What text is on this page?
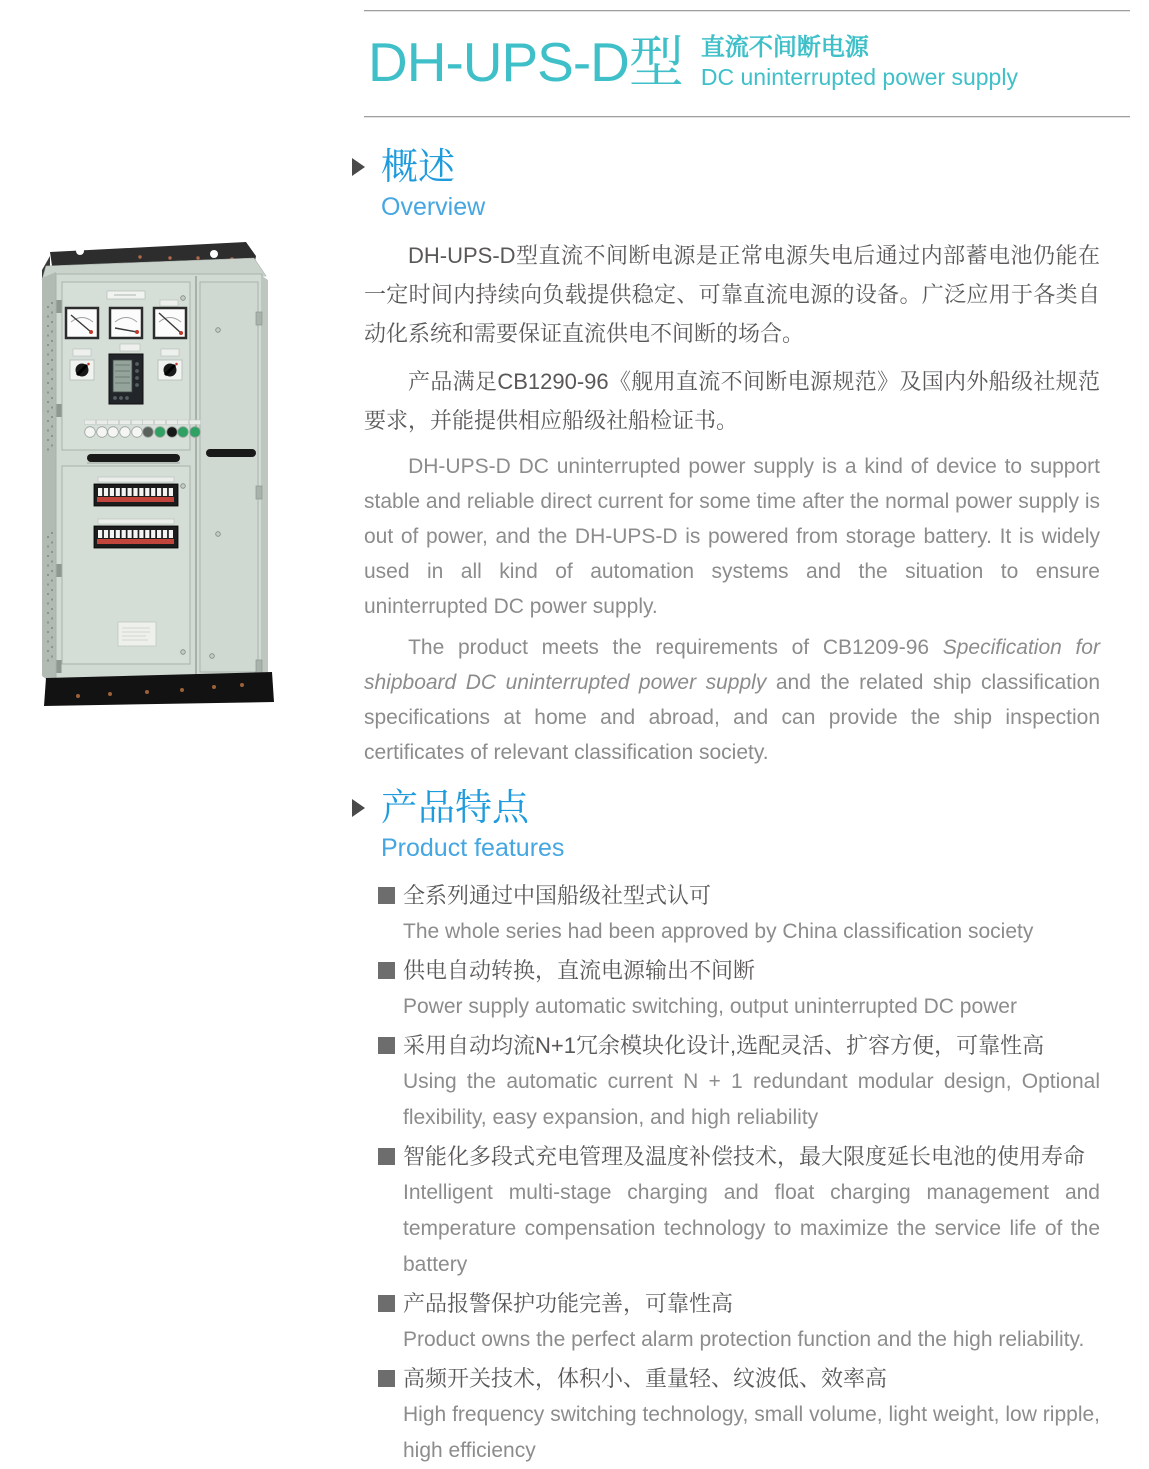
DH-UPS-D型 直流不间断电源
DC uninterrupted power supply
概述
Overview

DH-UPS-D型直流不间断电源是正常电源失电后通过内部蓄电池仍能在一定时间内持续向负载提供稳定、可靠直流电源的设备。广泛应用于各类自动化系统和需要保证直流供电不间断的场合。

产品满足CB1290-96《舰用直流不间断电源规范》及国内外船级社规范要求，并能提供相应船级社船检证书。

DH-UPS-D DC uninterrupted power supply is a kind of device to support stable and reliable direct current for some time after the normal power supply is out of power, and the DH-UPS-D is powered from storage battery. It is widely used in all kind of automation systems and the situation to ensure uninterrupted DC power supply.

The product meets the requirements of CB1209-96 Specification for shipboard DC uninterrupted power supply and the related ship classification specifications at home and abroad, and can provide the ship inspection certificates of relevant classification society.

产品特点
Product features
全系列通过中国船级社型式认可
The whole series had been approved by China classification society
供电自动转换，直流电源输出不间断
Power supply automatic switching, output uninterrupted DC power
采用自动均流N+1冗余模块化设计,选配灵活、扩容方便，可靠性高
Using the automatic current N + 1 redundant modular design, Optional flexibility, easy expansion, and high reliability
智能化多段式充电管理及温度补偿技术，最大限度延长电池的使用寿命
Intelligent multi-stage charging and float charging management and temperature compensation technology to maximize the service life of the battery
产品报警保护功能完善，可靠性高
Product owns the perfect alarm protection function and the high reliability.
高频开关技术，体积小、重量轻、纹波低、效率高
High frequency switching technology, small volume, light weight, low ripple, high efficiency
